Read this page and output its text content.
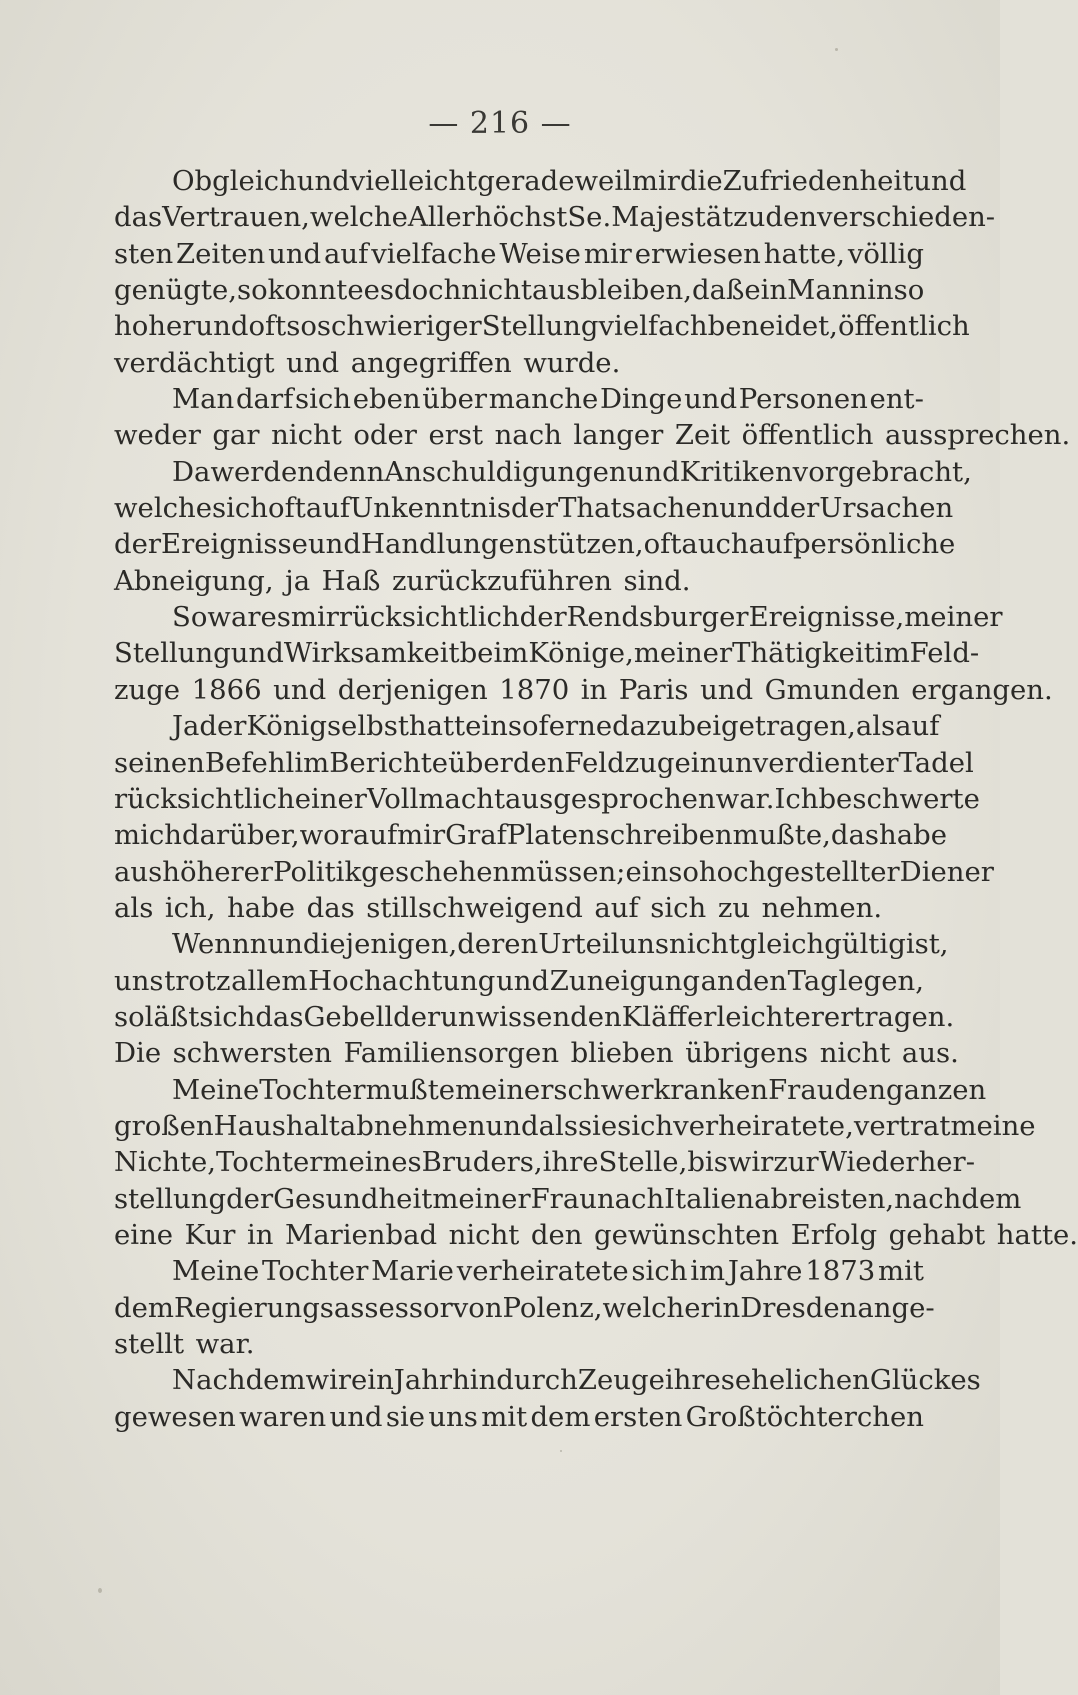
— 216 —
Obgleich und vielleicht gerade weil mir die Zufriedenheit und
das Vertrauen, welche Allerhöchst Se. Majestät zu den verschieden-
sten Zeiten und auf vielfache Weise mir erwiesen hatte, völlig
genügte, so konnte es doch nicht ausbleiben, daß ein Mann in so
hoher und oft so schwieriger Stellung vielfach beneidet, öffentlich
verdächtigt und angegriffen wurde.
Man darf sich eben über manche Dinge und Personen ent-
weder gar nicht oder erst nach langer Zeit öffentlich aussprechen.
Da werden denn Anschuldigungen und Kritiken vorgebracht,
welche sich oft auf Unkenntnis der Thatsachen und der Ursachen
der Ereignisse und Handlungen stützen, oft auch auf persönliche
Abneigung, ja Haß zurückzuführen sind.
So war es mir rücksichtlich der Rendsburger Ereignisse, meiner
Stellung und Wirksamkeit beim Könige, meiner Thätigkeit im Feld-
zuge 1866 und derjenigen 1870 in Paris und Gmunden ergangen.
Ja der König selbst hatte insoferne dazu beigetragen, als auf
seinen Befehl im Berichte über den Feldzug ein unverdienter Tadel
rücksichtlich einer Vollmacht ausgesprochen war. Ich beschwerte
mich darüber, worauf mir Graf Platen schreiben mußte, das habe
aus höherer Politik geschehen müssen; ein so hochgestellter Diener
als ich, habe das stillschweigend auf sich zu nehmen.
Wenn nun diejenigen, deren Urteil uns nicht gleichgültig ist,
uns trotz allem Hochachtung und Zuneigung an den Tag legen,
so läßt sich das Gebell der unwissenden Kläffer leichter ertragen.
Die schwersten Familiensorgen blieben übrigens nicht aus.
Meine Tochter mußte meiner schwerkranken Frau den ganzen
großen Haushalt abnehmen und als sie sich verheiratete, vertrat meine
Nichte, Tochter meines Bruders, ihre Stelle, bis wir zur Wiederher-
stellung der Gesundheit meiner Frau nach Italien abreisten, nachdem
eine Kur in Marienbad nicht den gewünschten Erfolg gehabt hatte.
Meine Tochter Marie verheiratete sich im Jahre 1873 mit
dem Regierungsassessor von Polenz, welcher in Dresden ange-
stellt war.
Nachdem wir ein Jahr hindurch Zeuge ihres ehelichen Glückes
gewesen waren und sie uns mit dem ersten Großtöchterchen
